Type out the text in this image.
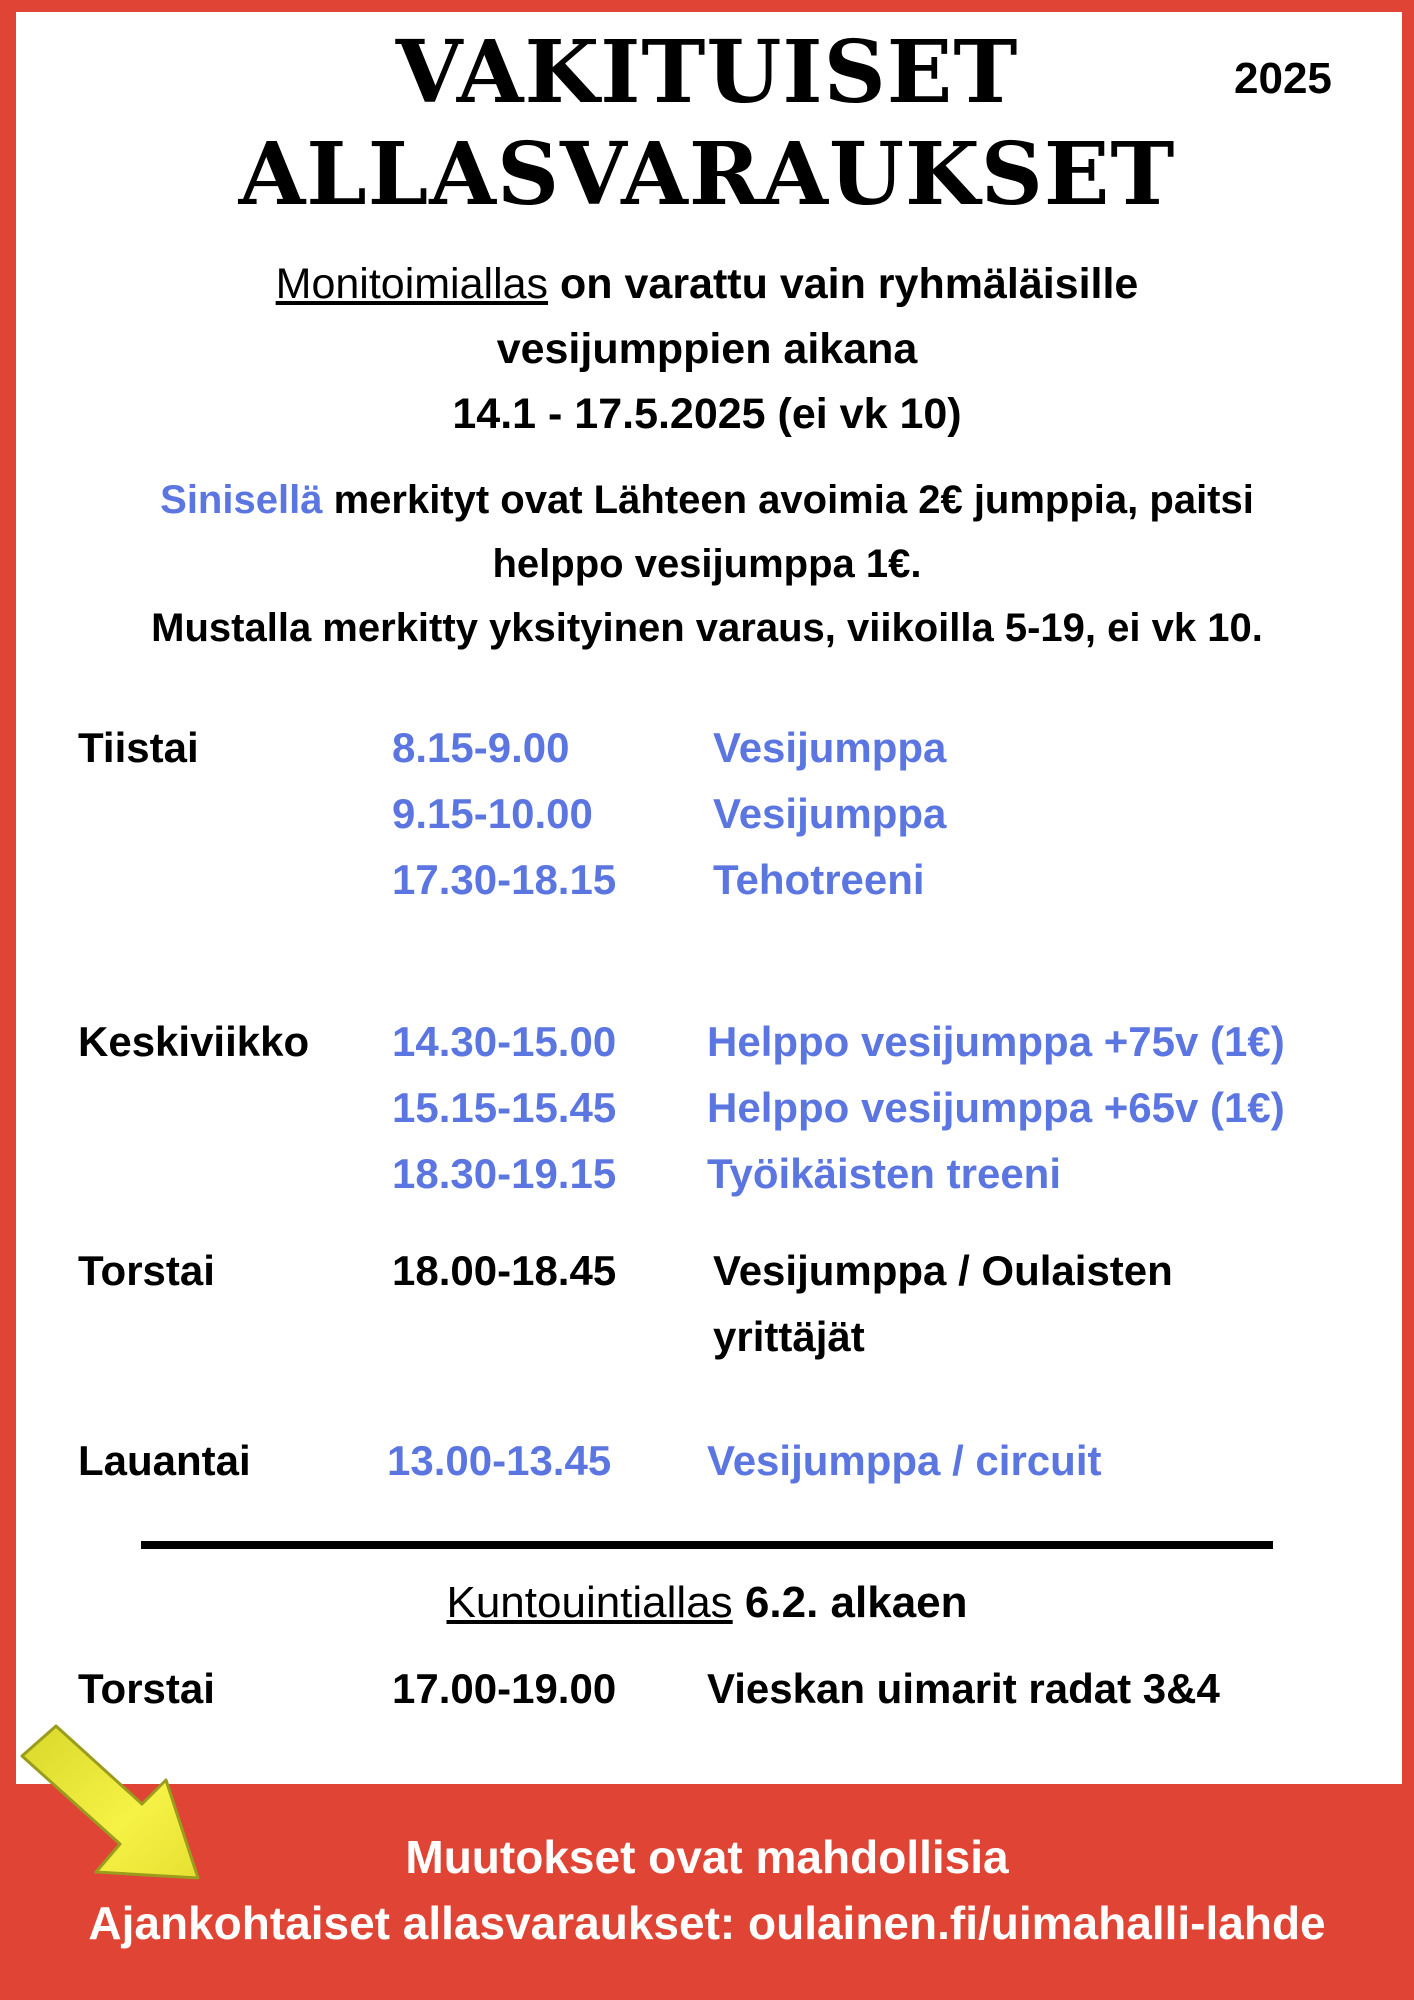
VAKITUISET
ALLASVARAUKSET
2025
Monitoimiallas on varattu vain ryhmäläisille
vesijumppien aikana
14.1 - 17.5.2025 (ei vk 10)
Sinisellä merkityt ovat Lähteen avoimia 2€ jumppia, paitsi
helppo vesijumppa 1€.
Mustalla merkitty yksityinen varaus, viikoilla 5-19, ei vk 10.
Tiistai	8.15-9.00	Vesijumppa
9.15-10.00	Vesijumppa
17.30-18.15 Tehotreeni
Keskiviikko 14.30-15.00 Helppo vesijumppa +75v (1€)
15.15-15.45 Helppo vesijumppa +65v (1€)
18.30-19.15 Työikäisten treeni
Torstai	18.00-18.45 Vesijumppa / Oulaisten
yrittäjät
Lauantai	13.00-13.45 Vesijumppa / circuit
Kuntouintiallas 6.2. alkaen
Torstai	17.00-19.00 Vieskan uimarit radat 3&4
Muutokset ovat mahdollisia
Ajankohtaiset allasvaraukset: oulainen.fi/uimahalli-lahde
